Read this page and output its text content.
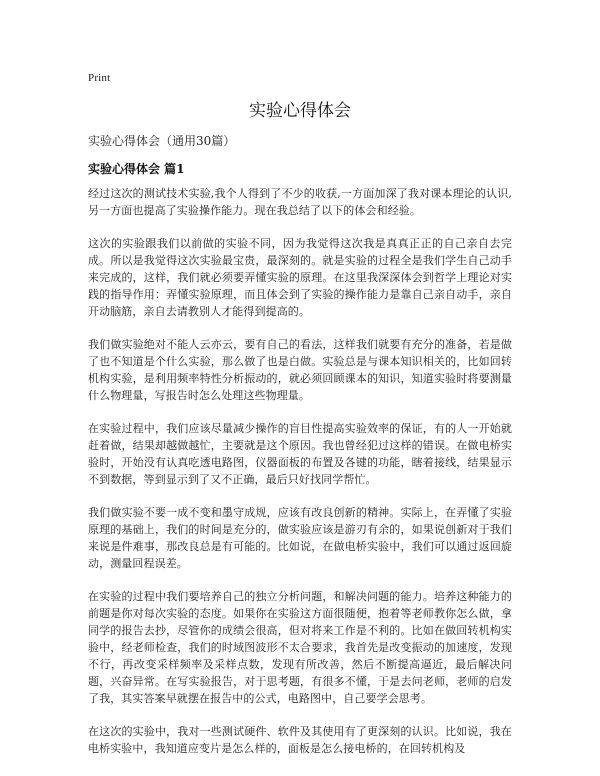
Print
实验心得体会
实验心得体会（通用30篇）
实验心得体会 篇1

经过这次的测试技术实验,我个人得到了不少的收获,一方面加深了我对课本理论的认识,另一方面也提高了实验操作能力。现在我总结了以下的体会和经验。

这次的实验跟我们以前做的实验不同，因为我觉得这次我是真真正正的自己亲自去完成。所以是我觉得这次实验最宝贵，最深刻的。就是实验的过程全是我们学生自己动手来完成的，这样，我们就必须要弄懂实验的原理。在这里我深深体会到哲学上理论对实践的指导作用：弄懂实验原理，而且体会到了实验的操作能力是靠自己亲自动手，亲自开动脑筋，亲自去请教别人才能得到提高的。

我们做实验绝对不能人云亦云，要有自己的看法，这样我们就要有充分的准备，若是做了也不知道是个什么实验，那么做了也是白做。实验总是与课本知识相关的，比如回转机构实验，是利用频率特性分析振动的，就必须回顾课本的知识，知道实验时将要测量什么物理量，写报告时怎么处理这些物理量。

在实验过程中，我们应该尽量减少操作的盲目性提高实验效率的保证，有的人一开始就赶着做，结果却越做越忙，主要就是这个原因。我也曾经犯过这样的错误。在做电桥实验时，开始没有认真吃透电路图，仪器面板的布置及各键的功能，瞎着接线，结果显示不到数据，等到显示到了又不正确，最后只好找同学帮忙。

我们做实验不要一成不变和墨守成规，应该有改良创新的精神。实际上，在弄懂了实验原理的基础上，我们的时间是充分的，做实验应该是游刃有余的，如果说创新对于我们来说是件难事，那改良总是有可能的。比如说，在做电桥实验中，我们可以通过返回旋动，测量回程误差。

在实验的过程中我们要培养自己的独立分析问题，和解决问题的能力。培养这种能力的前题是你对每次实验的态度。如果你在实验这方面很随便，抱着等老师教你怎么做，拿同学的报告去抄，尽管你的成绩会很高，但对将来工作是不利的。比如在做回转机构实验中，经老师检查，我们的时域图波形不太合要求，我首先是改变振动的加速度，发现不行，再改变采样频率及采样点数，发现有所改善，然后不断提高逼近，最后解决问题，兴奋异常。在写实验报告，对于思考题，有很多不懂，于是去问老师，老师的启发了我，其实答案早就摆在报告中的公式，电路图中，自己要学会思考。

在这次的实验中，我对一些测试硬件、软件及其使用有了更深刻的认识。比如说，我在电桥实验中，我知道应变片是怎么样的，面板是怎么接电桥的，在回转机构及
